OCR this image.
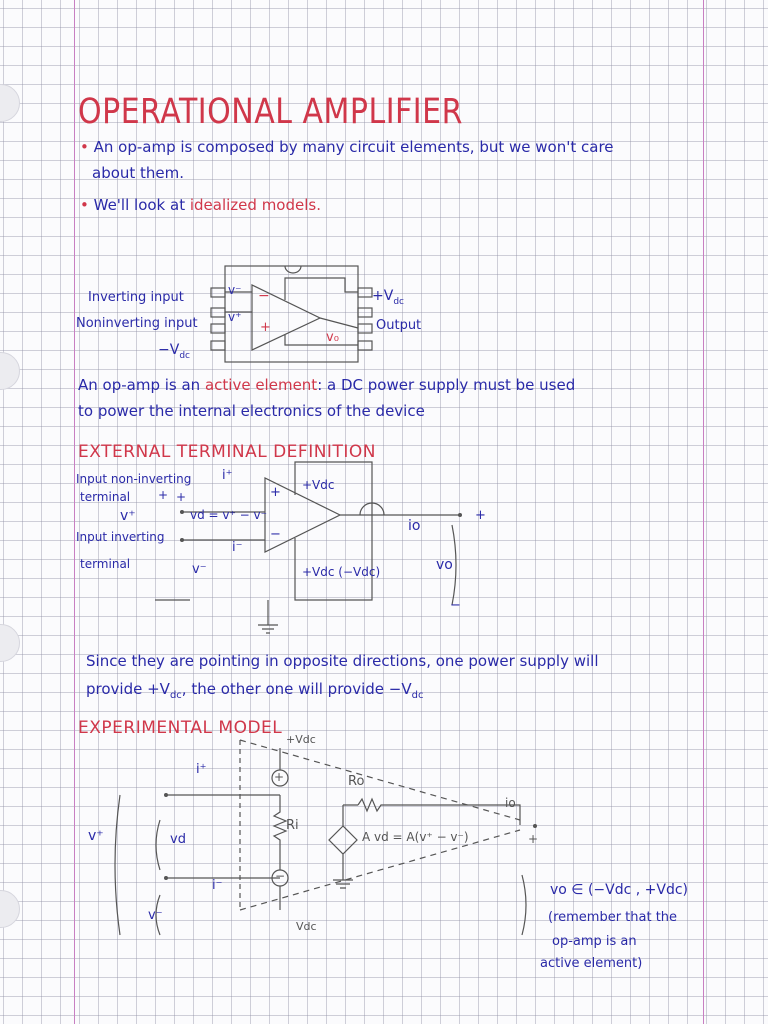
OPERATIONAL AMPLIFIER
• An op-amp is composed by many circuit elements, but we won't care
about them.
• We'll look at idealized models.
v⁻ −
v⁺
+
v₀
Inverting input
Noninverting input
$-V_{dc}$
$+V_{dc}$
Output
An op-amp is an active element: a DC power supply must be used
to power the internal electronics of the device
EXTERNAL TERMINAL DEFINITION
Input non-inverting
terminal
Input inverting
terminal
i⁺
i⁻
v⁺
v⁻
vd = v⁺ − v⁻
+ +	+
−
+Vdc
+Vdc (−Vdc)
io
vo
+
−
Since they are pointing in opposite directions, one power supply will
provide $+V_{dc}$, the other one will provide $-V_{dc}$
EXPERIMENTAL MODEL
+Vdc
i⁺	+
−
Ro
Ri
io
+
v⁺	vd
v⁻
i⁻
A vd = A(v⁺ − v⁻)
Vdc
vo ∈ (−Vdc , +Vdc)
(remember that the
op-amp is an
active element)
